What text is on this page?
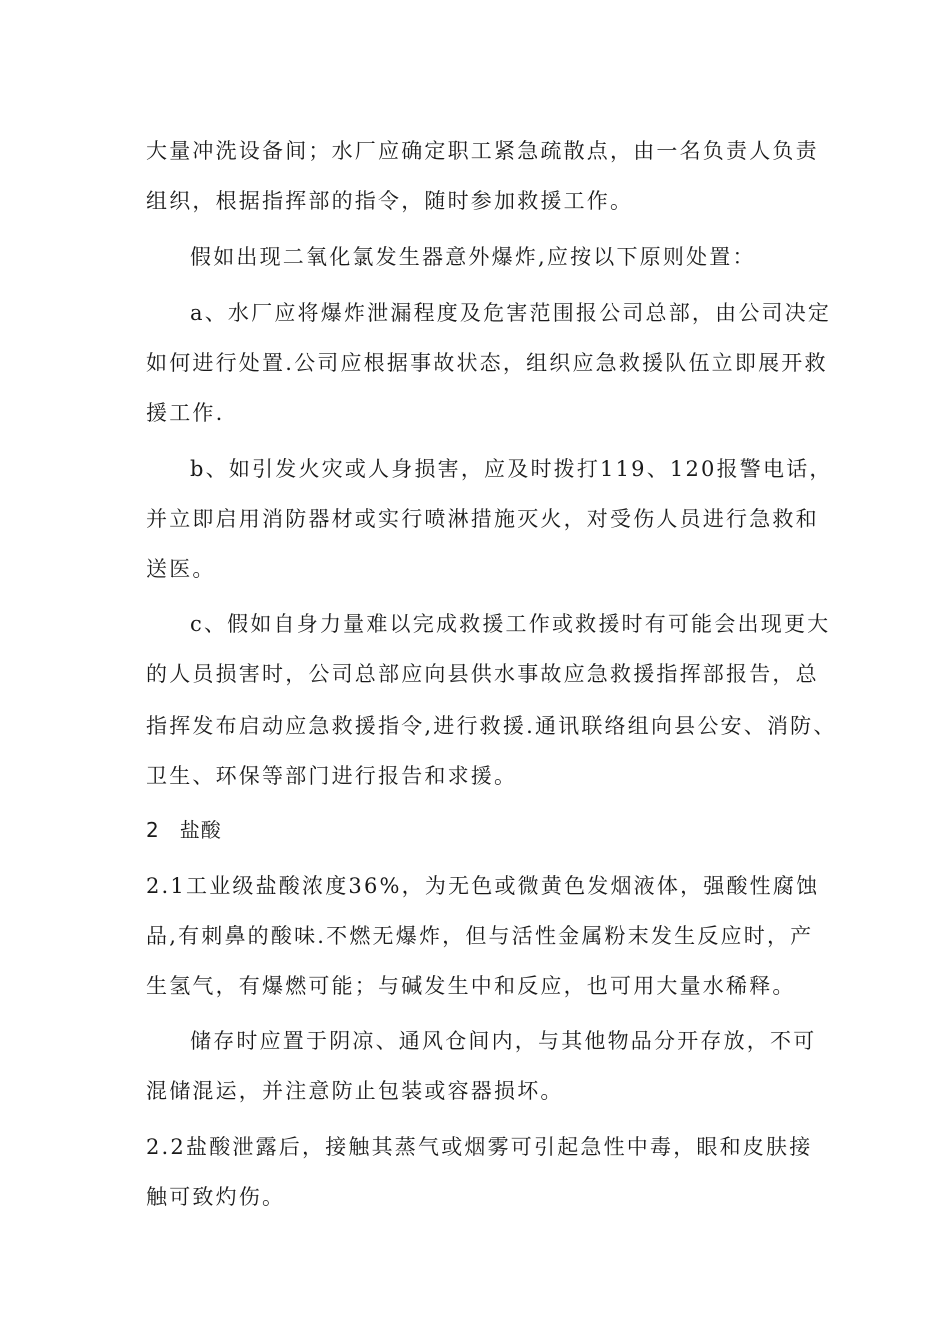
大量冲洗设备间；水厂应确定职工紧急疏散点，由一名负责人负责
组织，根据指挥部的指令，随时参加救援工作。
假如出现二氧化氯发生器意外爆炸,应按以下原则处置：
a、水厂应将爆炸泄漏程度及危害范围报公司总部，由公司决定
如何进行处置.公司应根据事故状态，组织应急救援队伍立即展开救
援工作.
b、如引发火灾或人身损害，应及时拨打119、120报警电话，
并立即启用消防器材或实行喷淋措施灭火，对受伤人员进行急救和
送医。
c、假如自身力量难以完成救援工作或救援时有可能会出现更大
的人员损害时，公司总部应向县供水事故应急救援指挥部报告，总
指挥发布启动应急救援指令,进行救援.通讯联络组向县公安、消防、
卫生、环保等部门进行报告和求援。
2 盐酸
2.1工业级盐酸浓度36%，为无色或微黄色发烟液体，强酸性腐蚀
品,有刺鼻的酸味.不燃无爆炸，但与活性金属粉末发生反应时，产
生氢气，有爆燃可能；与碱发生中和反应，也可用大量水稀释。
储存时应置于阴凉、通风仓间内，与其他物品分开存放，不可
混储混运，并注意防止包装或容器损坏。
2.2盐酸泄露后，接触其蒸气或烟雾可引起急性中毒，眼和皮肤接
触可致灼伤。
